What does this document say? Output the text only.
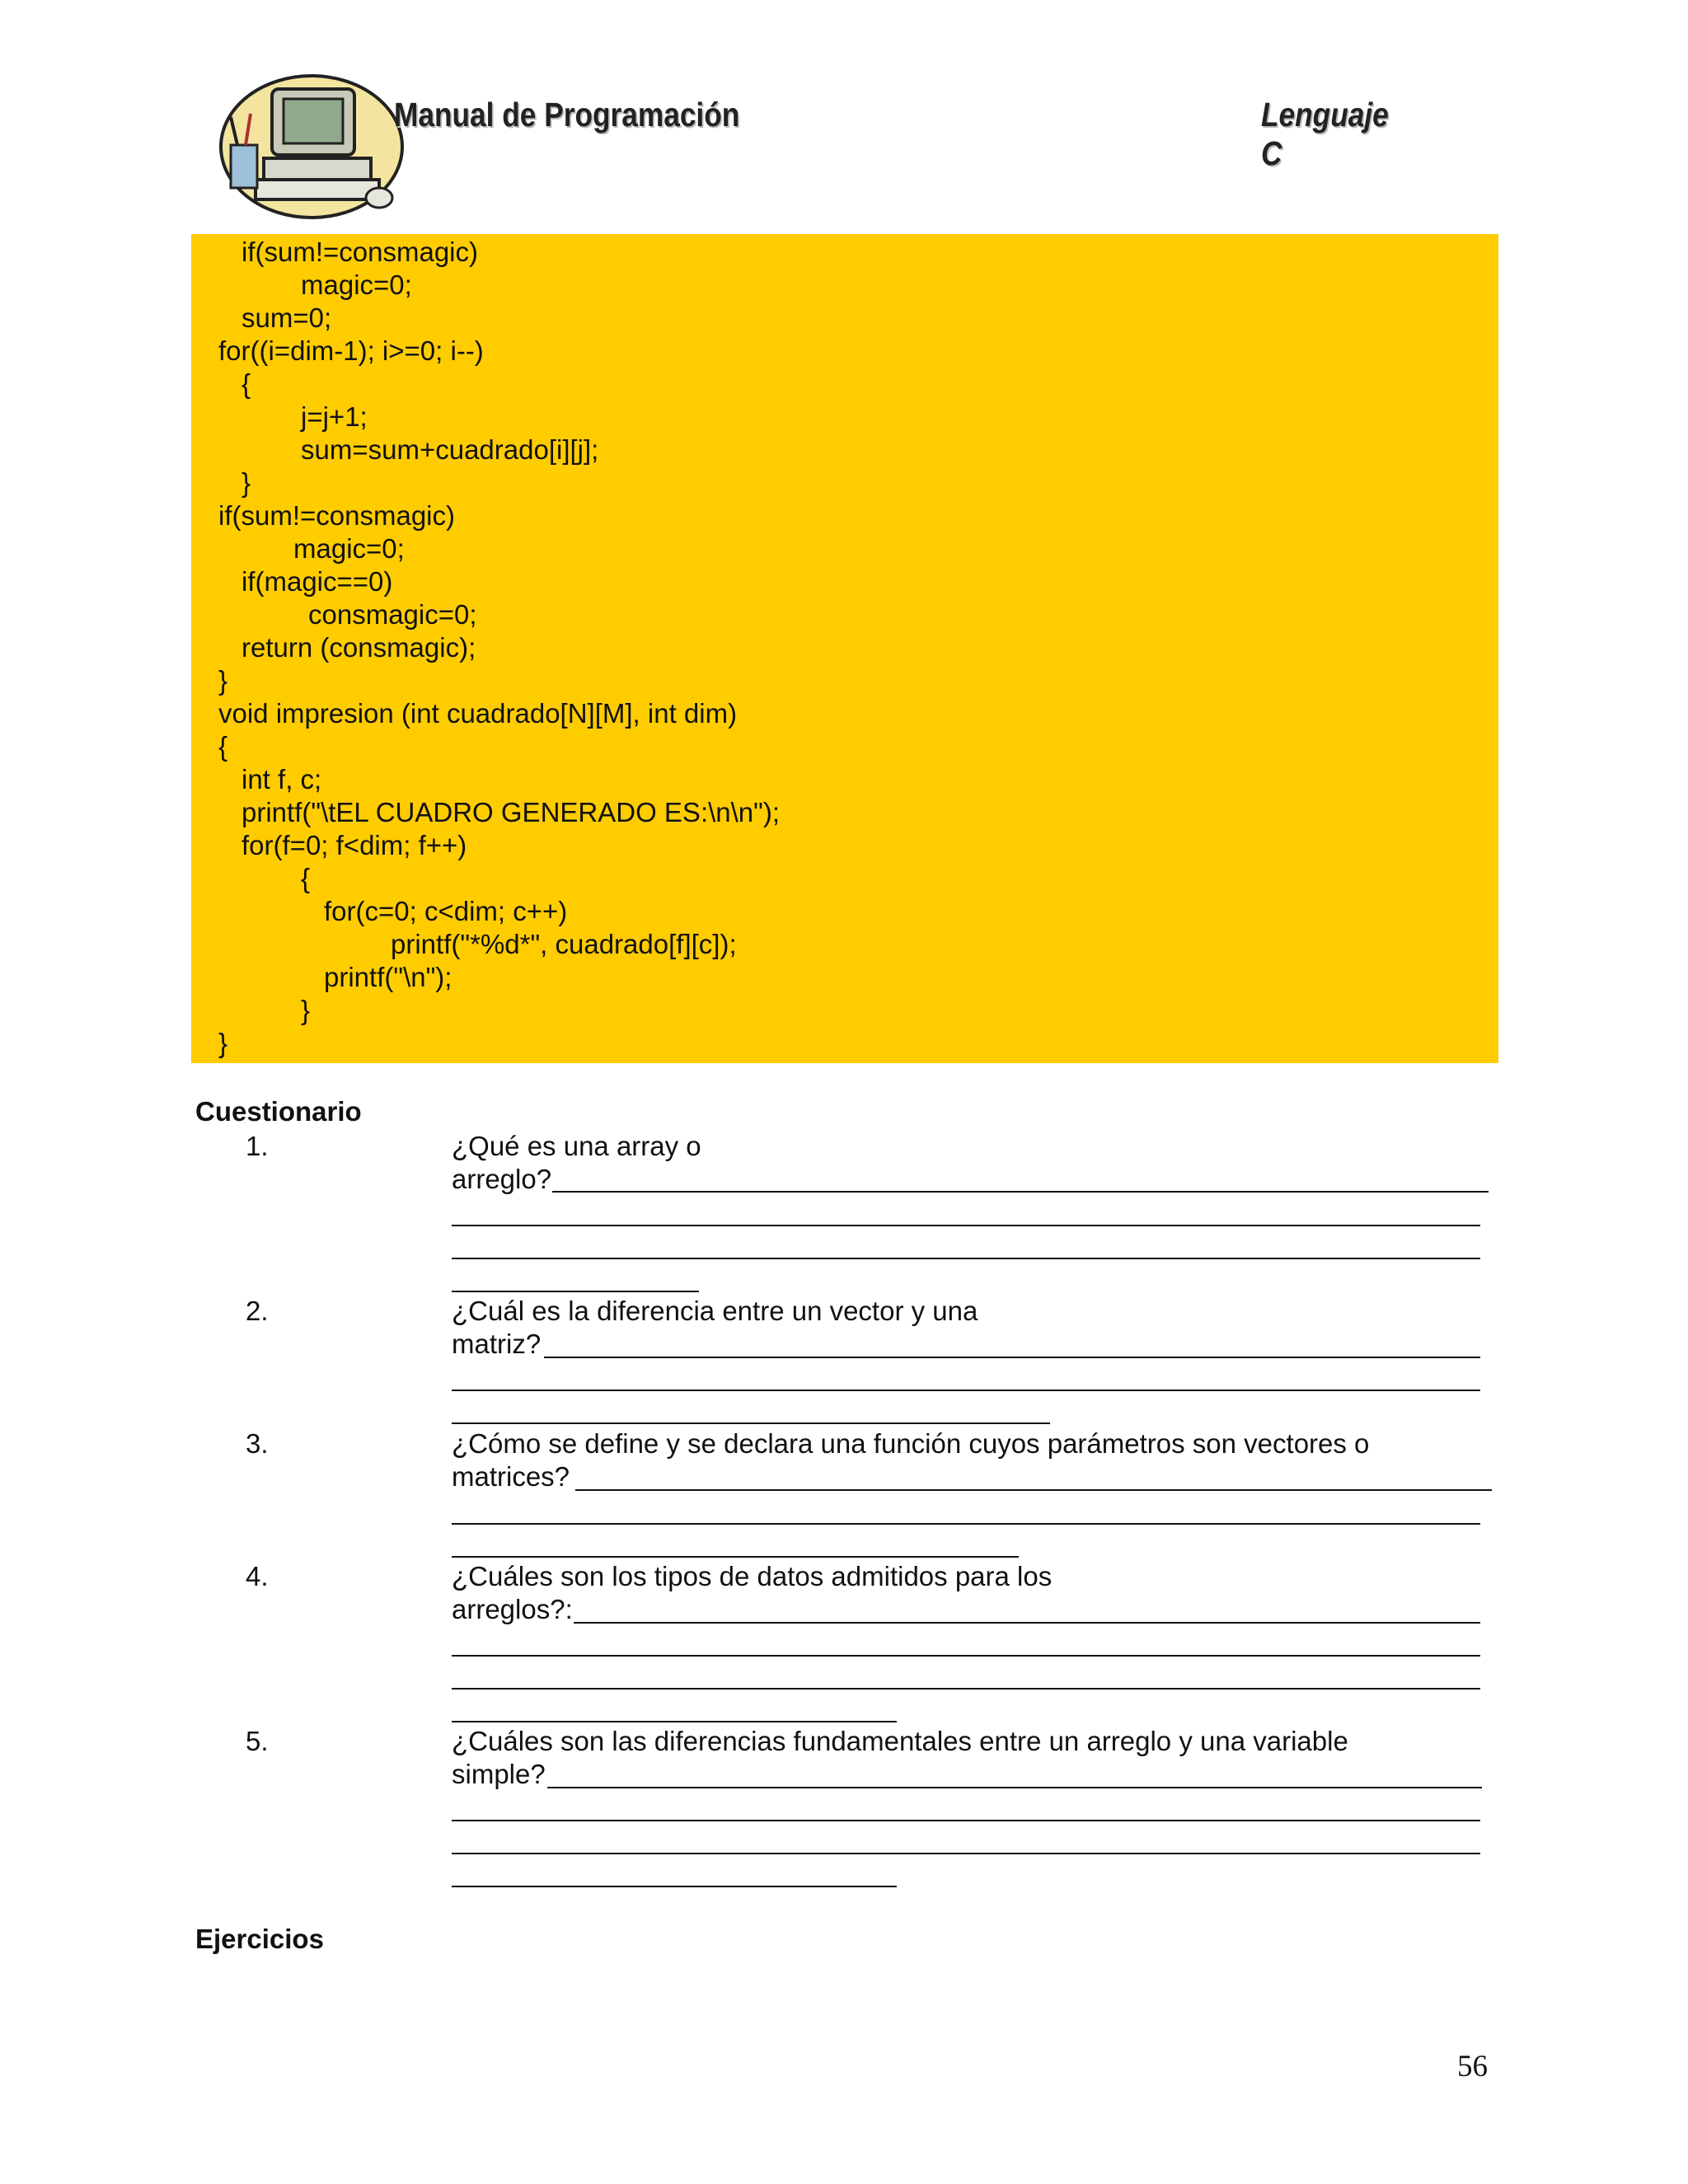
Manual de Programación	Lenguaje C
if(sum!=consmagic)
magic=0;
sum=0;
for((i=dim-1); i>=0; i--)
{
j=j+1;
sum=sum+cuadrado[i][j];
}
if(sum!=consmagic)
magic=0;
if(magic==0)
consmagic=0;
return (consmagic);
}
void impresion (int cuadrado[N][M], int dim)
{
int f, c;
printf("\tEL CUADRO GENERADO ES:\n\n");
for(f=0; f<dim; f++)
{
for(c=0; c<dim; c++)
printf("*%d*", cuadrado[f][c]);
printf("\n");
}
}
Cuestionario
1.	¿Qué es una array o
arreglo?
2.	¿Cuál es la diferencia entre un vector y una
matriz?
3.	¿Cómo se define y se declara una función cuyos parámetros son vectores o
matrices?
4.	¿Cuáles son los tipos de datos admitidos para los
arreglos?:
5.	¿Cuáles son las diferencias fundamentales entre un arreglo y una variable
simple?
Ejercicios
56
